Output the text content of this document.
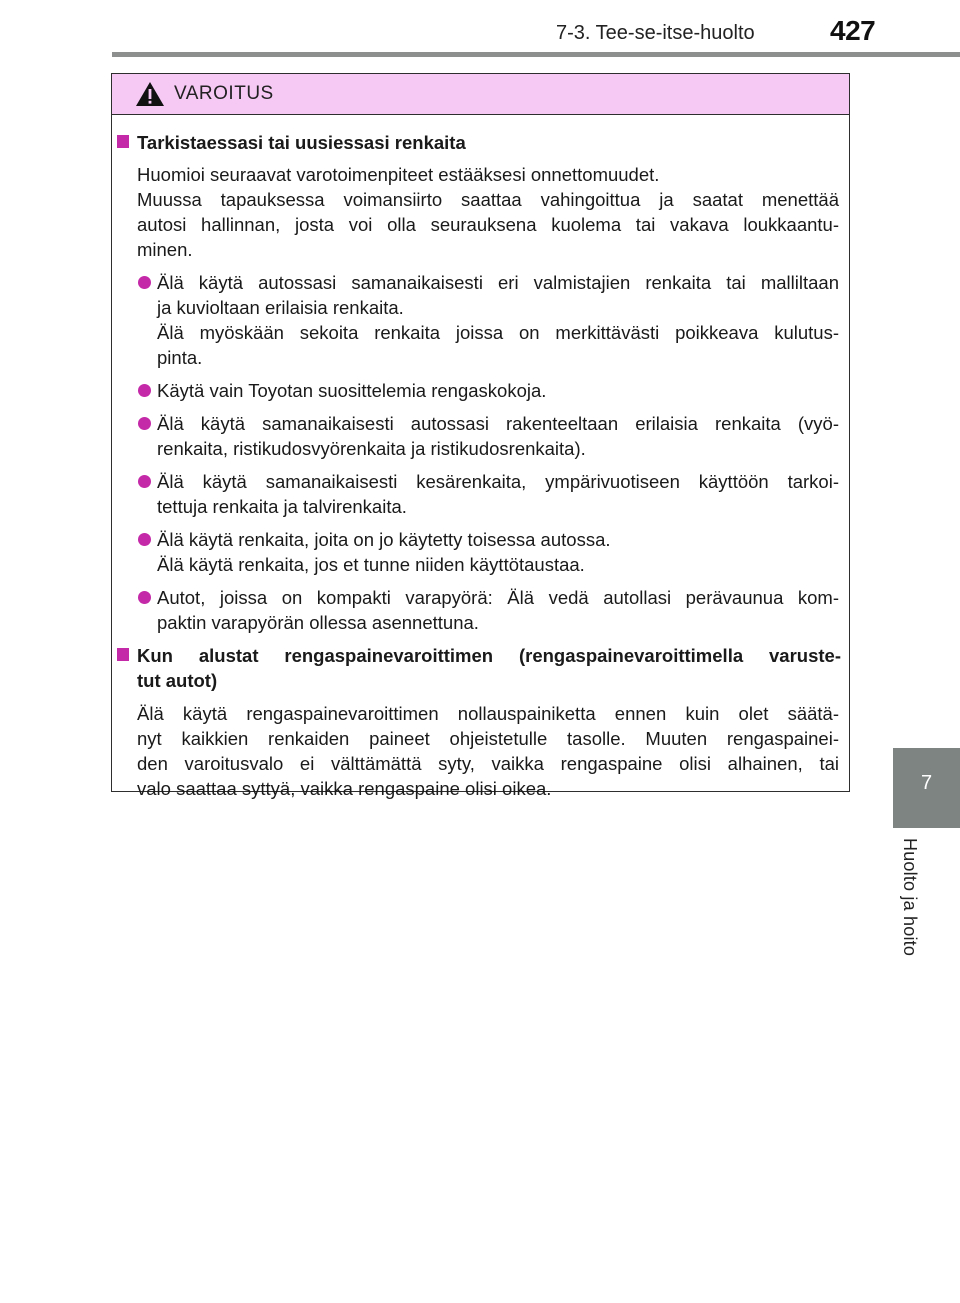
7-3. Tee-se-itse-huolto	427
7
Huolto ja hoito
VAROITUS
Tarkistaessasi tai uusiessasi renkaita
Huomioi seuraavat varotoimenpiteet estääksesi onnettomuudet.
Muussa tapauksessa voimansiirto saattaa vahingoittua ja saatat menettää
autosi hallinnan, josta voi olla seurauksena kuolema tai vakava loukkaantu-
minen.
Älä käytä autossasi samanaikaisesti eri valmistajien renkaita tai malliltaan
ja kuvioltaan erilaisia renkaita.
Älä myöskään sekoita renkaita joissa on merkittävästi poikkeava kulutus-
pinta.
Käytä vain Toyotan suosittelemia rengaskokoja.
Älä käytä samanaikaisesti autossasi rakenteeltaan erilaisia renkaita (vyö-
renkaita, ristikudosvyörenkaita ja ristikudosrenkaita).
Älä käytä samanaikaisesti kesärenkaita, ympärivuotiseen käyttöön tarkoi-
tettuja renkaita ja talvirenkaita.
Älä käytä renkaita, joita on jo käytetty toisessa autossa.
Älä käytä renkaita, jos et tunne niiden käyttötaustaa.
Autot, joissa on kompakti varapyörä: Älä vedä autollasi perävaunua kom-
paktin varapyörän ollessa asennettuna.
Kun alustat rengaspainevaroittimen (rengaspainevaroittimella varuste-
tut autot)
Älä käytä rengaspainevaroittimen nollauspainiketta ennen kuin olet säätä-
nyt kaikkien renkaiden paineet ohjeistetulle tasolle. Muuten rengaspainei-
den varoitusvalo ei välttämättä syty, vaikka rengaspaine olisi alhainen, tai
valo saattaa syttyä, vaikka rengaspaine olisi oikea.
